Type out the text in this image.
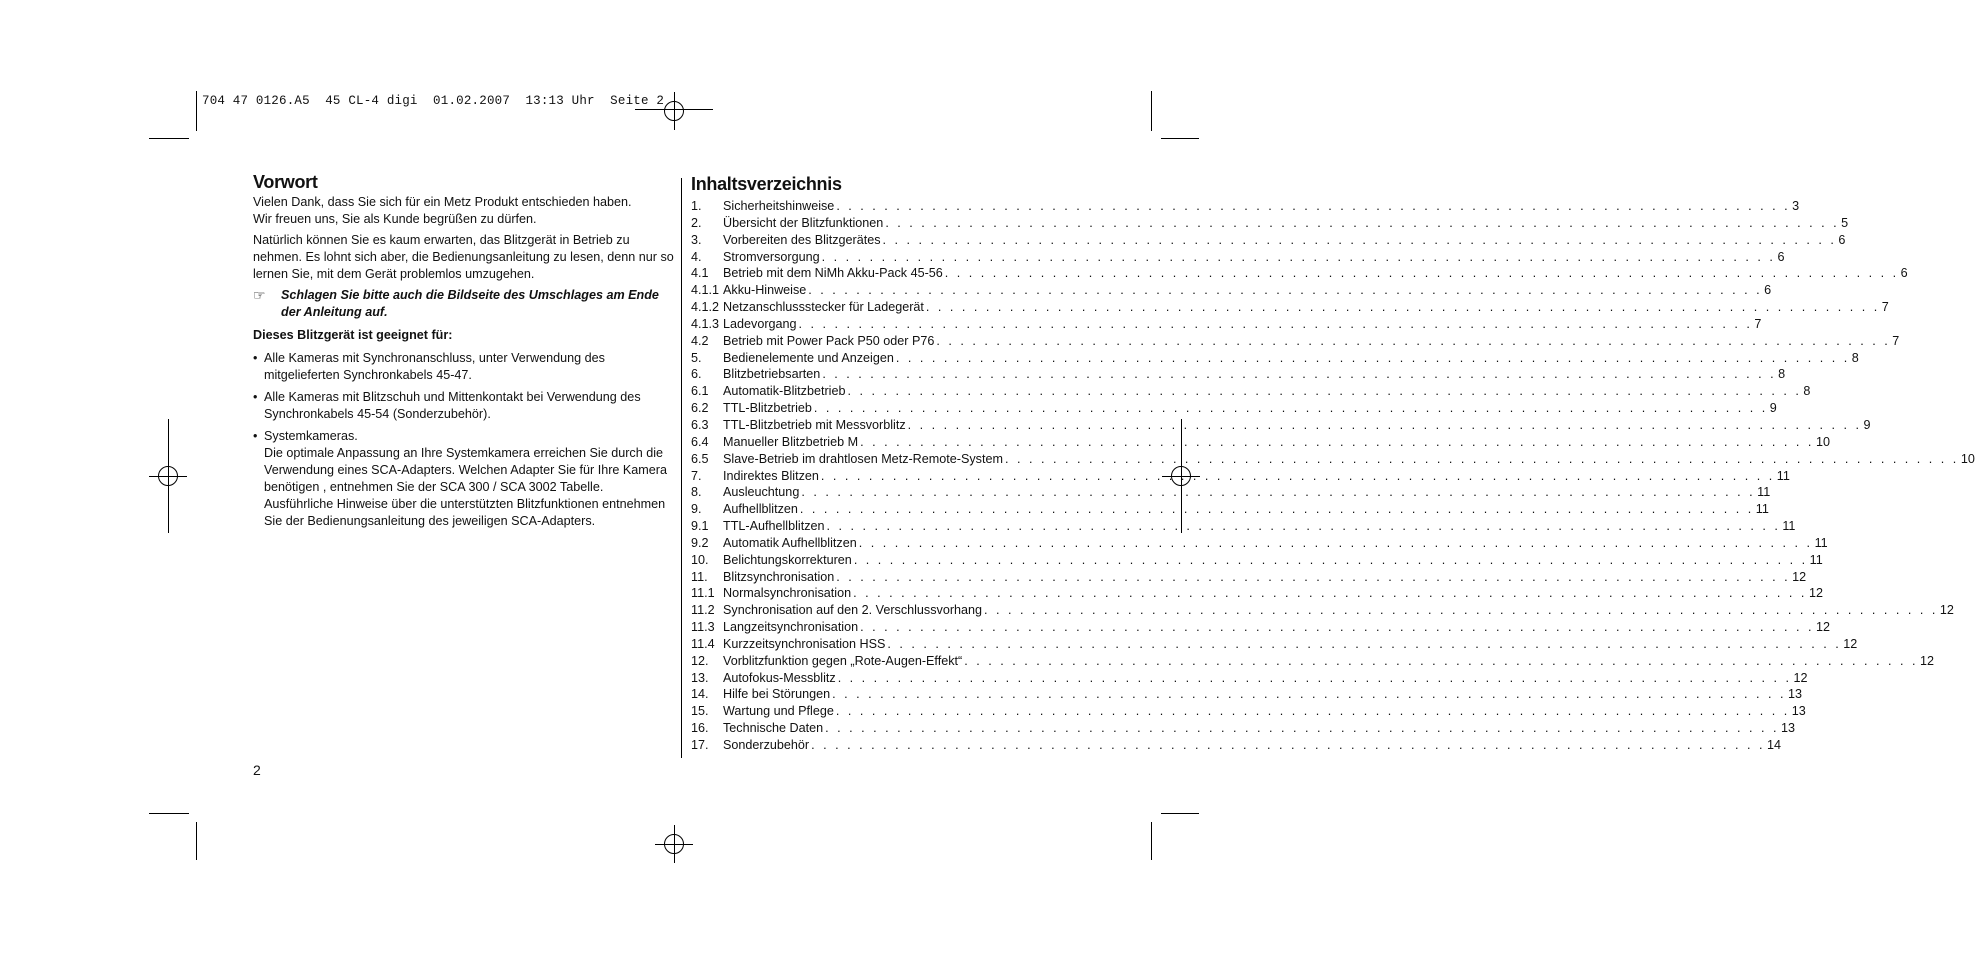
704 47 0126.A5  45 CL-4 digi  01.02.2007  13:13 Uhr  Seite 2
Vorwort
Vielen Dank, dass Sie sich für ein Metz Produkt entschieden haben.
Wir freuen uns, Sie als Kunde begrüßen zu dürfen.
Natürlich können Sie es kaum erwarten, das Blitzgerät in Betrieb zu nehmen. Es lohnt sich aber, die Bedienungsanleitung zu lesen, denn nur so lernen Sie, mit dem Gerät problemlos umzugehen.
☞	Schlagen Sie bitte auch die Bildseite des Umschlages am Ende der Anleitung auf.
Dieses Blitzgerät ist geeignet für:
• Alle Kameras mit Synchronanschluss, unter Verwendung des mitgelieferten Synchronkabels 45-47.
• Alle Kameras mit Blitzschuh und Mittenkontakt bei Verwendung des Synchronkabels 45-54 (Sonderzubehör).
• Systemkameras.
Die optimale Anpassung an Ihre Systemkamera erreichen Sie durch die Verwendung eines SCA-Adapters. Welchen Adapter Sie für Ihre Kamera benötigen , entnehmen Sie der SCA 300 / SCA 3002 Tabelle. Ausführliche Hinweise über die unterstützten Blitzfunktionen entnehmen Sie der Bedienungsanleitung des jeweiligen SCA-Adapters.
Inhaltsverzeichnis
1.	Sicherheitshinweise . . . . . . . . . . . . . . . . . . . . . . . . . . . . . . . . . . . . . . . . . . . . . . . . . . . . . . . . . . . . . . . . . . . . . . . . . . . . . . . . 3
2.	Übersicht der Blitzfunktionen . . . . . . . . . . . . . . . . . . . . . . . . . . . . . . . . . . . . . . . . . . . . . . . . . . . . . . . . . . . . . . . . . . . . . . . . . . . . . . . . 5
3.	Vorbereiten des Blitzgerätes . . . . . . . . . . . . . . . . . . . . . . . . . . . . . . . . . . . . . . . . . . . . . . . . . . . . . . . . . . . . . . . . . . . . . . . . . . . . . . . . 6
4.	Stromversorgung . . . . . . . . . . . . . . . . . . . . . . . . . . . . . . . . . . . . . . . . . . . . . . . . . . . . . . . . . . . . . . . . . . . . . . . . . . . . . . . . 6
4.1	Betrieb mit dem NiMh Akku-Pack 45-56 . . . . . . . . . . . . . . . . . . . . . . . . . . . . . . . . . . . . . . . . . . . . . . . . . . . . . . . . . . . . . . . . . . . . . . . . . . . . . . . . 6
4.1.1 Akku-Hinweise . . . . . . . . . . . . . . . . . . . . . . . . . . . . . . . . . . . . . . . . . . . . . . . . . . . . . . . . . . . . . . . . . . . . . . . . . . . . . . . . 6
4.1.2 Netzanschlussstecker für Ladegerät . . . . . . . . . . . . . . . . . . . . . . . . . . . . . . . . . . . . . . . . . . . . . . . . . . . . . . . . . . . . . . . . . . . . . . . . . . . . . . . . 7
4.1.3 Ladevorgang . . . . . . . . . . . . . . . . . . . . . . . . . . . . . . . . . . . . . . . . . . . . . . . . . . . . . . . . . . . . . . . . . . . . . . . . . . . . . . . . 7
4.2	Betrieb mit Power Pack P50 oder P76 . . . . . . . . . . . . . . . . . . . . . . . . . . . . . . . . . . . . . . . . . . . . . . . . . . . . . . . . . . . . . . . . . . . . . . . . . . . . . . . . 7
5.	Bedienelemente und Anzeigen . . . . . . . . . . . . . . . . . . . . . . . . . . . . . . . . . . . . . . . . . . . . . . . . . . . . . . . . . . . . . . . . . . . . . . . . . . . . . . . . 8
6.	Blitzbetriebsarten . . . . . . . . . . . . . . . . . . . . . . . . . . . . . . . . . . . . . . . . . . . . . . . . . . . . . . . . . . . . . . . . . . . . . . . . . . . . . . . . 8
6.1	Automatik-Blitzbetrieb . . . . . . . . . . . . . . . . . . . . . . . . . . . . . . . . . . . . . . . . . . . . . . . . . . . . . . . . . . . . . . . . . . . . . . . . . . . . . . . . 8
6.2	TTL-Blitzbetrieb . . . . . . . . . . . . . . . . . . . . . . . . . . . . . . . . . . . . . . . . . . . . . . . . . . . . . . . . . . . . . . . . . . . . . . . . . . . . . . . . 9
6.3	TTL-Blitzbetrieb mit Messvorblitz . . . . . . . . . . . . . . . . . . . . . . . . . . . . . . . . . . . . . . . . . . . . . . . . . . . . . . . . . . . . . . . . . . . . . . . . . . . . . . . . 9
6.4	Manueller Blitzbetrieb M . . . . . . . . . . . . . . . . . . . . . . . . . . . . . . . . . . . . . . . . . . . . . . . . . . . . . . . . . . . . . . . . . . . . . . . . . . . . . . . . 10
6.5	Slave-Betrieb im drahtlosen Metz-Remote-System . . . . . . . . . . . . . . . . . . . . . . . . . . . . . . . . . . . . . . . . . . . . . . . . . . . . . . . . . . . . . . . . . . . . . . . . . . . . . . . . 10
7.	Indirektes Blitzen . . . . . . . . . . . . . . . . . . . . . . . . . . . . . . . . . . . . . . . . . . . . . . . . . . . . . . . . . . . . . . . . . . . . . . . . . . . . . . . . 11
8.	Ausleuchtung . . . . . . . . . . . . . . . . . . . . . . . . . . . . . . . . . . . . . . . . . . . . . . . . . . . . . . . . . . . . . . . . . . . . . . . . . . . . . . . . 11
9.	Aufhellblitzen . . . . . . . . . . . . . . . . . . . . . . . . . . . . . . . . . . . . . . . . . . . . . . . . . . . . . . . . . . . . . . . . . . . . . . . . . . . . . . . . 11
9.1	TTL-Aufhellblitzen . . . . . . . . . . . . . . . . . . . . . . . . . . . . . . . . . . . . . . . . . . . . . . . . . . . . . . . . . . . . . . . . . . . . . . . . . . . . . . . . 11
9.2	Automatik Aufhellblitzen . . . . . . . . . . . . . . . . . . . . . . . . . . . . . . . . . . . . . . . . . . . . . . . . . . . . . . . . . . . . . . . . . . . . . . . . . . . . . . . . 11
10.	Belichtungskorrekturen . . . . . . . . . . . . . . . . . . . . . . . . . . . . . . . . . . . . . . . . . . . . . . . . . . . . . . . . . . . . . . . . . . . . . . . . . . . . . . . . 11
11.	Blitzsynchronisation . . . . . . . . . . . . . . . . . . . . . . . . . . . . . . . . . . . . . . . . . . . . . . . . . . . . . . . . . . . . . . . . . . . . . . . . . . . . . . . . 12
11.1 Normalsynchronisation . . . . . . . . . . . . . . . . . . . . . . . . . . . . . . . . . . . . . . . . . . . . . . . . . . . . . . . . . . . . . . . . . . . . . . . . . . . . . . . . 12
11.2 Synchronisation auf den 2. Verschlussvorhang . . . . . . . . . . . . . . . . . . . . . . . . . . . . . . . . . . . . . . . . . . . . . . . . . . . . . . . . . . . . . . . . . . . . . . . . . . . . . . . . 12
11.3 Langzeitsynchronisation . . . . . . . . . . . . . . . . . . . . . . . . . . . . . . . . . . . . . . . . . . . . . . . . . . . . . . . . . . . . . . . . . . . . . . . . . . . . . . . . 12
11.4 Kurzzeitsynchronisation HSS . . . . . . . . . . . . . . . . . . . . . . . . . . . . . . . . . . . . . . . . . . . . . . . . . . . . . . . . . . . . . . . . . . . . . . . . . . . . . . . . 12
12.	Vorblitzfunktion gegen „Rote-Augen-Effekt“ . . . . . . . . . . . . . . . . . . . . . . . . . . . . . . . . . . . . . . . . . . . . . . . . . . . . . . . . . . . . . . . . . . . . . . . . . . . . . . . . 12
13.	Autofokus-Messblitz . . . . . . . . . . . . . . . . . . . . . . . . . . . . . . . . . . . . . . . . . . . . . . . . . . . . . . . . . . . . . . . . . . . . . . . . . . . . . . . . 12
14.	Hilfe bei Störungen . . . . . . . . . . . . . . . . . . . . . . . . . . . . . . . . . . . . . . . . . . . . . . . . . . . . . . . . . . . . . . . . . . . . . . . . . . . . . . . . 13
15.	Wartung und Pflege . . . . . . . . . . . . . . . . . . . . . . . . . . . . . . . . . . . . . . . . . . . . . . . . . . . . . . . . . . . . . . . . . . . . . . . . . . . . . . . . 13
16.	Technische Daten . . . . . . . . . . . . . . . . . . . . . . . . . . . . . . . . . . . . . . . . . . . . . . . . . . . . . . . . . . . . . . . . . . . . . . . . . . . . . . . . 13
17.	Sonderzubehör . . . . . . . . . . . . . . . . . . . . . . . . . . . . . . . . . . . . . . . . . . . . . . . . . . . . . . . . . . . . . . . . . . . . . . . . . . . . . . . . 14
2
